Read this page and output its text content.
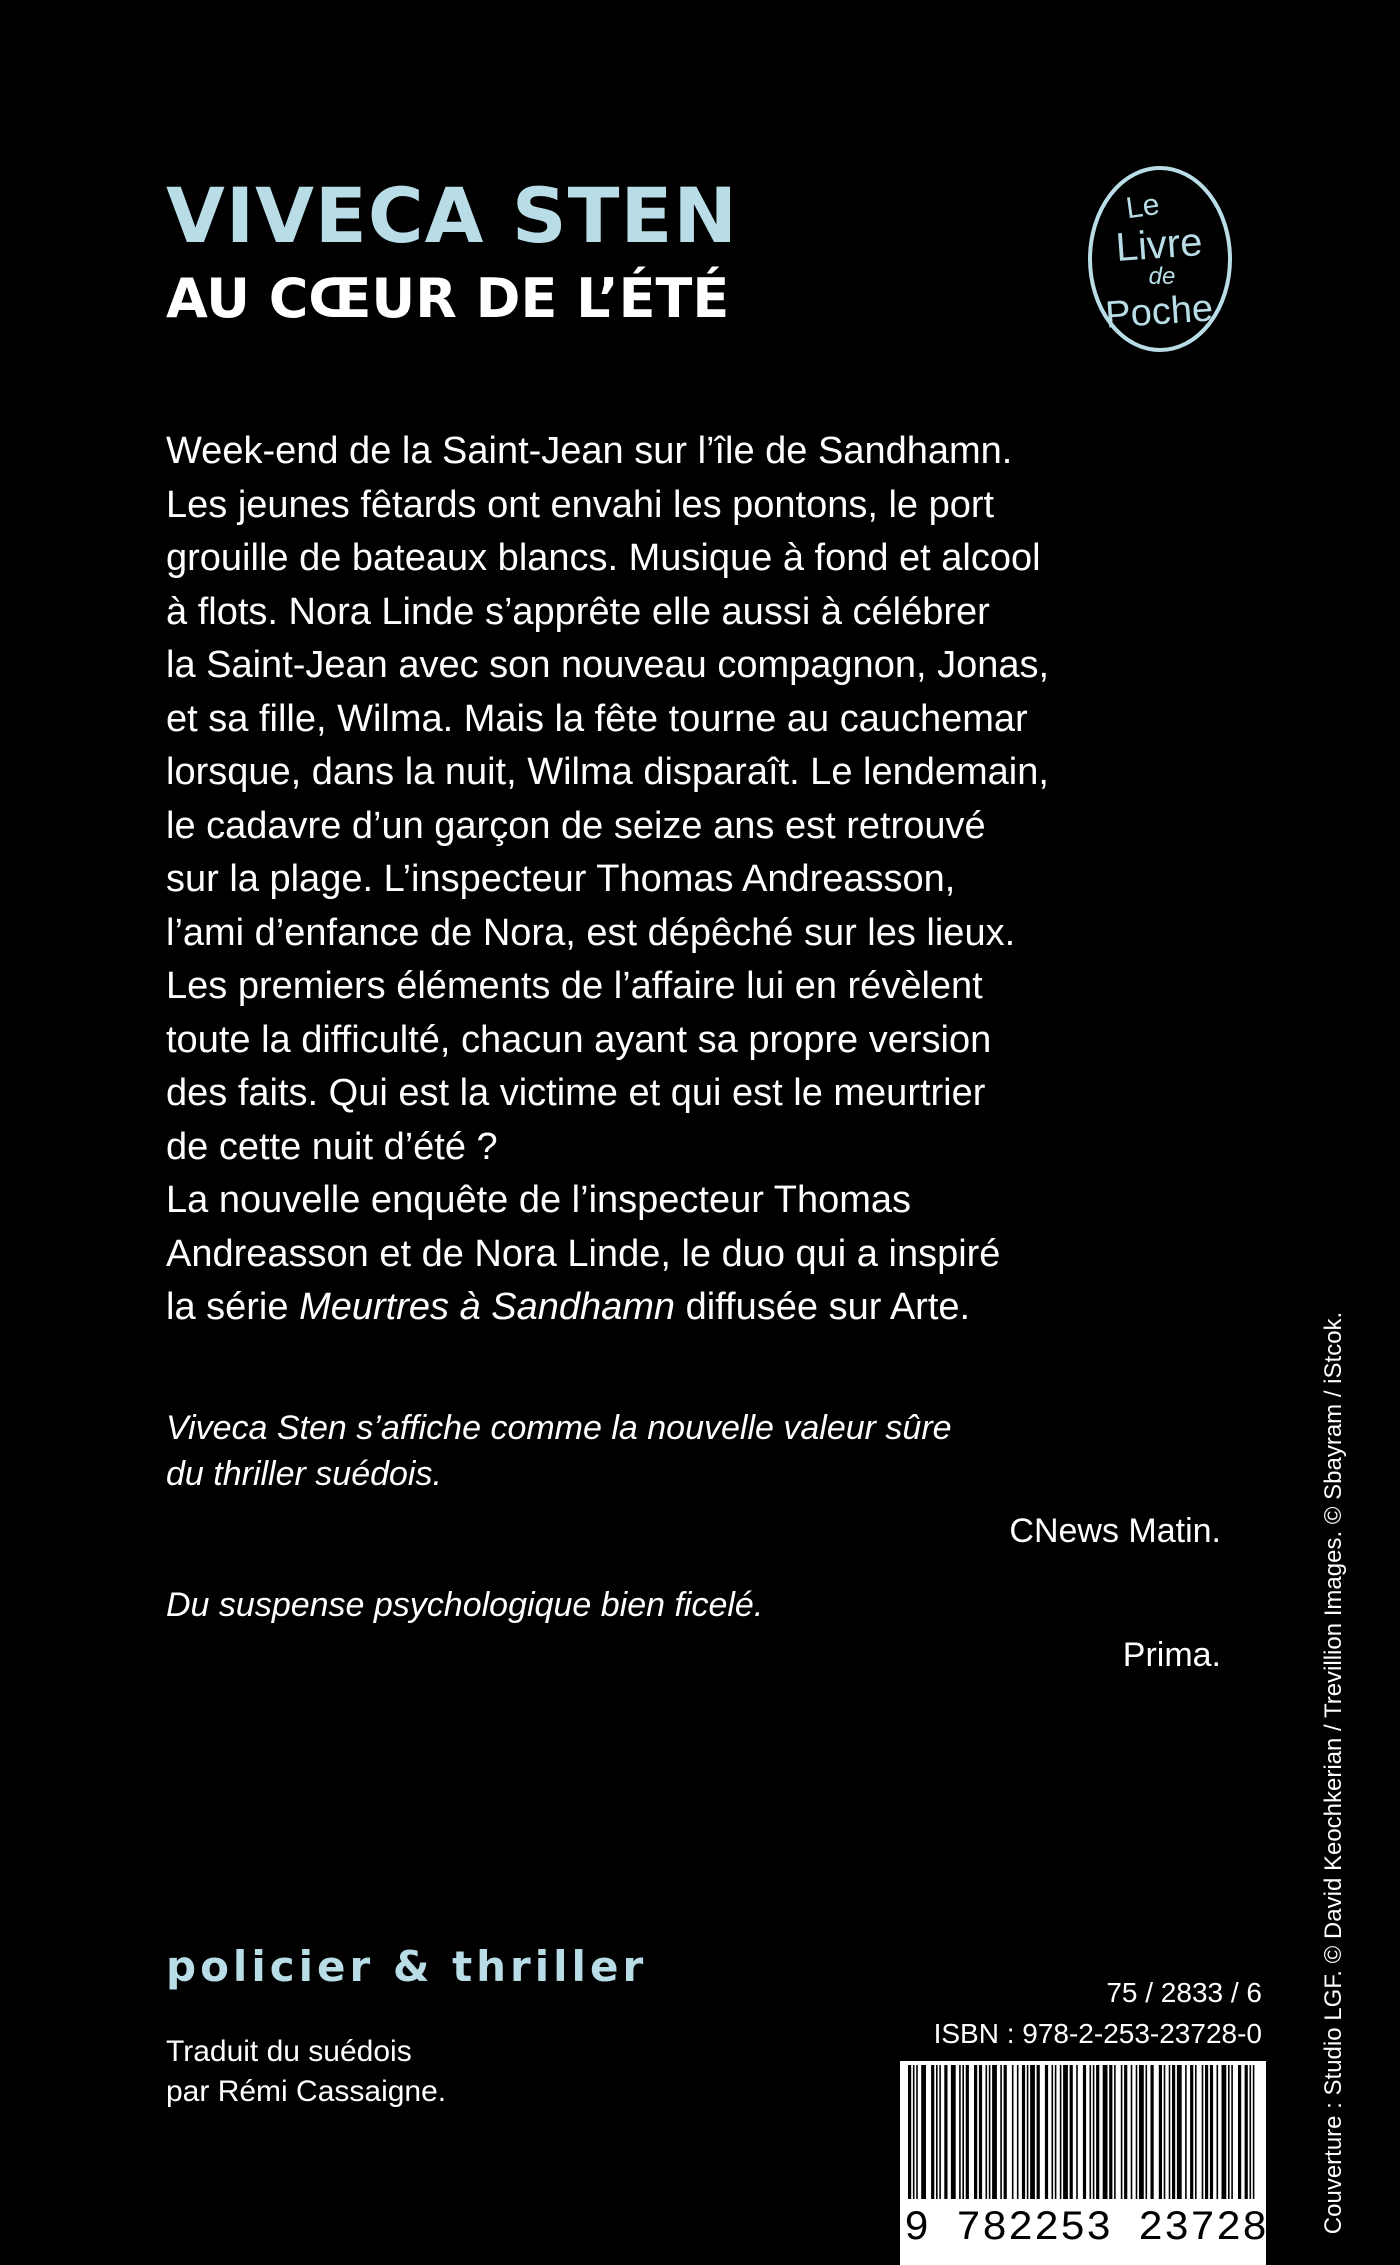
VIVECA STEN
AU CŒUR DE L’ÉTÉ
Le
Livre
de
Poche
Week-end de la Saint-Jean sur l’île de Sandhamn.
Les jeunes fêtards ont envahi les pontons, le port
grouille de bateaux blancs. Musique à fond et alcool
à flots. Nora Linde s’apprête elle aussi à célébrer
la Saint-Jean avec son nouveau compagnon, Jonas,
et sa fille, Wilma. Mais la fête tourne au cauchemar
lorsque, dans la nuit, Wilma disparaît. Le lendemain,
le cadavre d’un garçon de seize ans est retrouvé
sur la plage. L’inspecteur Thomas Andreasson,
l’ami d’enfance de Nora, est dépêché sur les lieux.
Les premiers éléments de l’affaire lui en révèlent
toute la difficulté, chacun ayant sa propre version
des faits. Qui est la victime et qui est le meurtrier
de cette nuit d’été ?
La nouvelle enquête de l’inspecteur Thomas
Andreasson et de Nora Linde, le duo qui a inspiré
la série Meurtres à Sandhamn diffusée sur Arte.
Viveca Sten s’affiche comme la nouvelle valeur sûre
du thriller suédois.

CNews Matin.

Du suspense psychologique bien ficelé.

Prima.

policier & thriller

Traduit du suédois
par Rémi Cassaigne.

75 / 2833 / 6

ISBN : 978-2-253-23728-0

9 782253 237280 Couverture : Studio LGF. © David Keochkerian / Trevillion Images. © Sbayram / iStcok.
